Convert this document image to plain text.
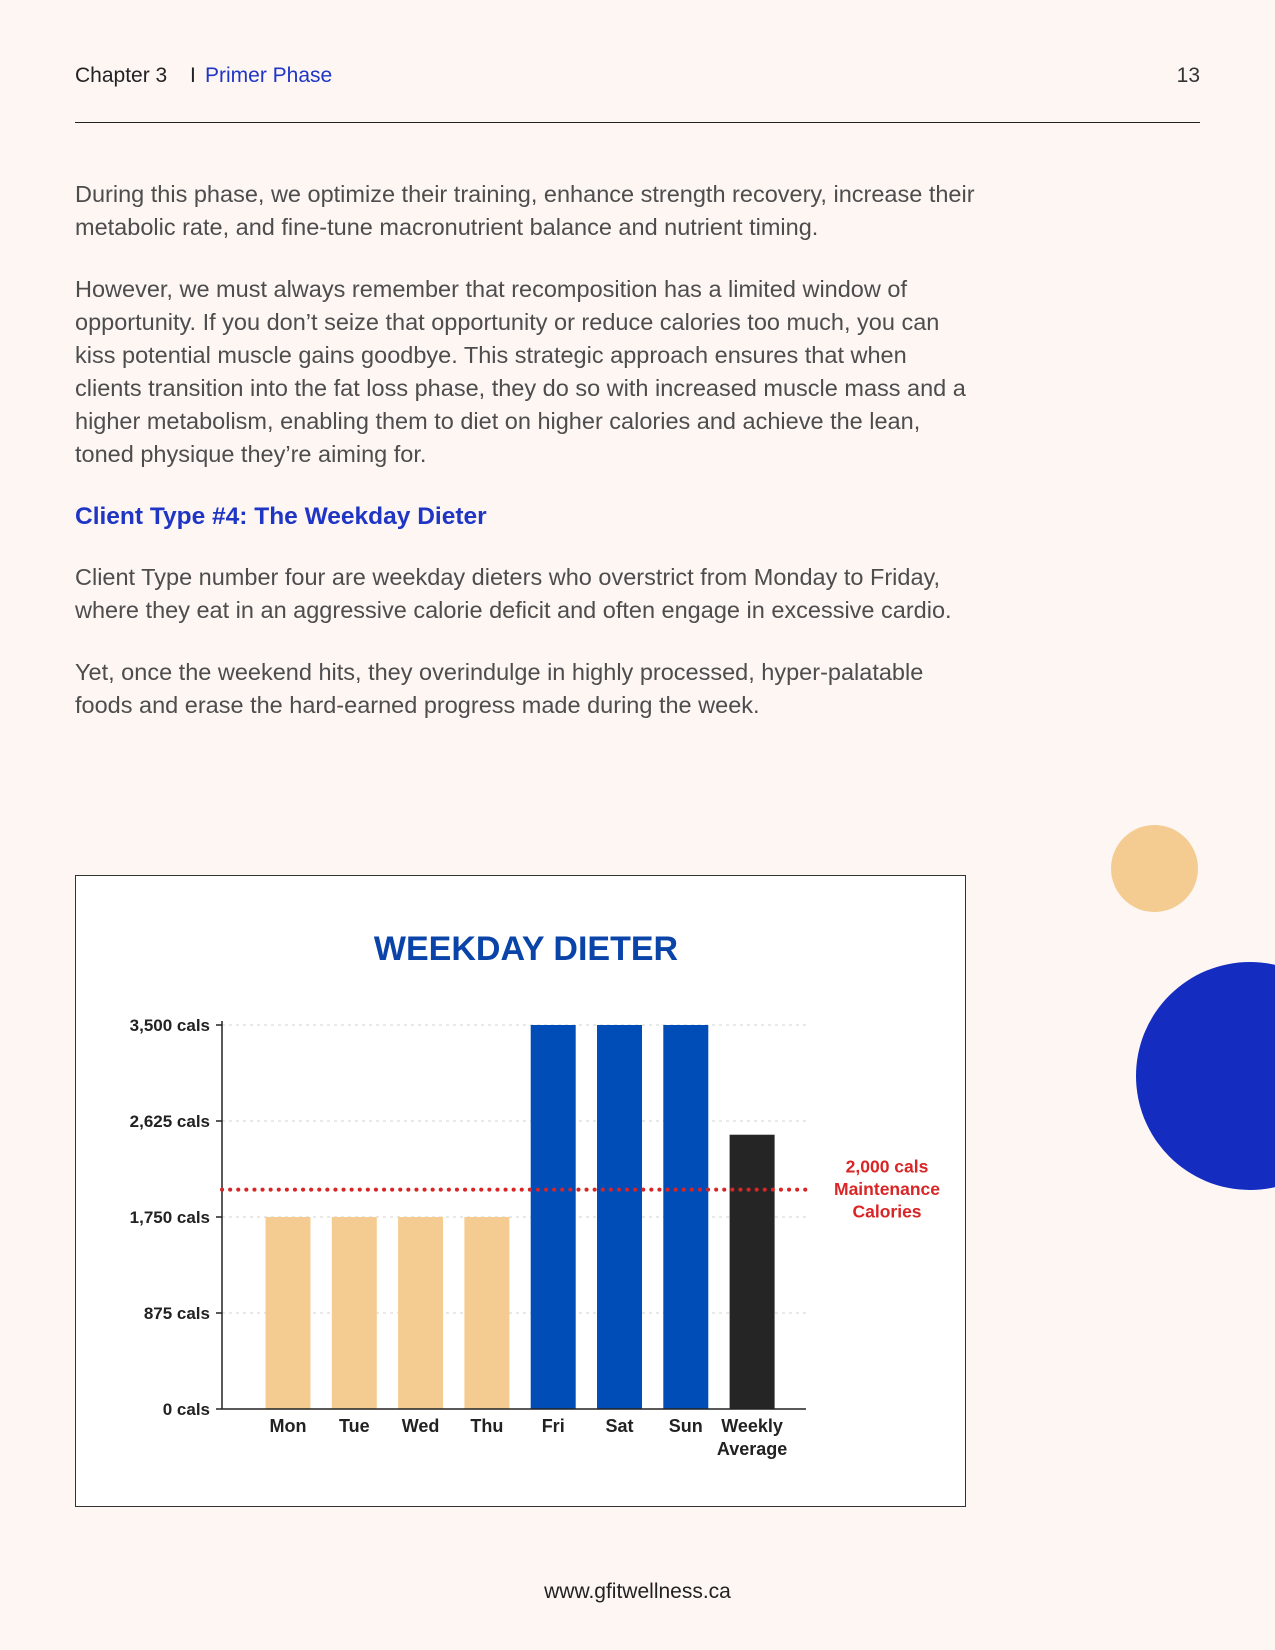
Chapter 3 I Primer Phase	13

During this phase, we optimize their training, enhance strength recovery, increase their metabolic rate, and fine-tune macronutrient balance and nutrient timing.

However, we must always remember that recomposition has a limited window of opportunity. If you don’t seize that opportunity or reduce calories too much, you can kiss potential muscle gains goodbye. This strategic approach ensures that when clients transition into the fat loss phase, they do so with increased muscle mass and a higher metabolism, enabling them to diet on higher calories and achieve the lean, toned physique they’re aiming for.

Client Type #4: The Weekday Dieter

Client Type number four are weekday dieters who overstrict from Monday to Friday, where they eat in an aggressive calorie deficit and often engage in excessive cardio.

Yet, once the weekend hits, they overindulge in highly processed, hyper-palatable foods and erase the hard-earned progress made during the week.

WEEKDAY DIETER
0 cals
875 cals
1,750 cals
2,625 cals
3,500 cals
Mon Tue Wed Thu Fri Sat Sun Weekly
Average
2,000 cals
Maintenance
Calories
www.gfitwellness.ca
